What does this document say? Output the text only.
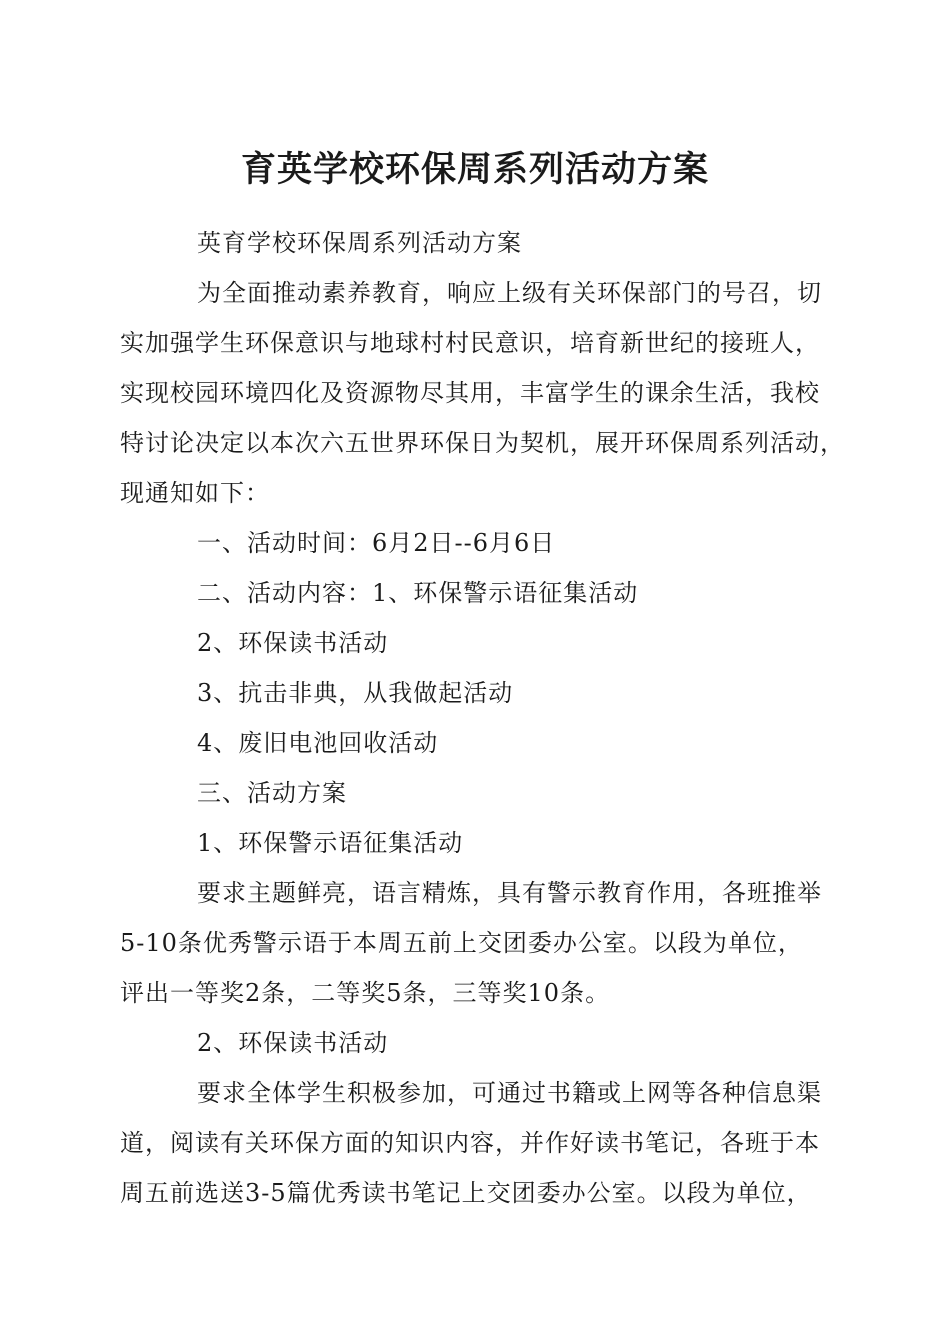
育英学校环保周系列活动方案
英育学校环保周系列活动方案
为全面推动素养教育，响应上级有关环保部门的号召，切
实加强学生环保意识与地球村村民意识，培育新世纪的接班人，
实现校园环境四化及资源物尽其用，丰富学生的课余生活，我校
特讨论决定以本次六五世界环保日为契机，展开环保周系列活动，
现通知如下：
一、活动时间：6月2日--6月6日
二、活动内容：1、环保警示语征集活动
2、环保读书活动
3、抗击非典，从我做起活动
4、废旧电池回收活动
三、活动方案
1、环保警示语征集活动
要求主题鲜亮，语言精炼，具有警示教育作用，各班推举
5-10条优秀警示语于本周五前上交团委办公室。以段为单位，
评出一等奖2条，二等奖5条，三等奖10条。
2、环保读书活动
要求全体学生积极参加，可通过书籍或上网等各种信息渠
道，阅读有关环保方面的知识内容，并作好读书笔记，各班于本
周五前选送3-5篇优秀读书笔记上交团委办公室。以段为单位，
